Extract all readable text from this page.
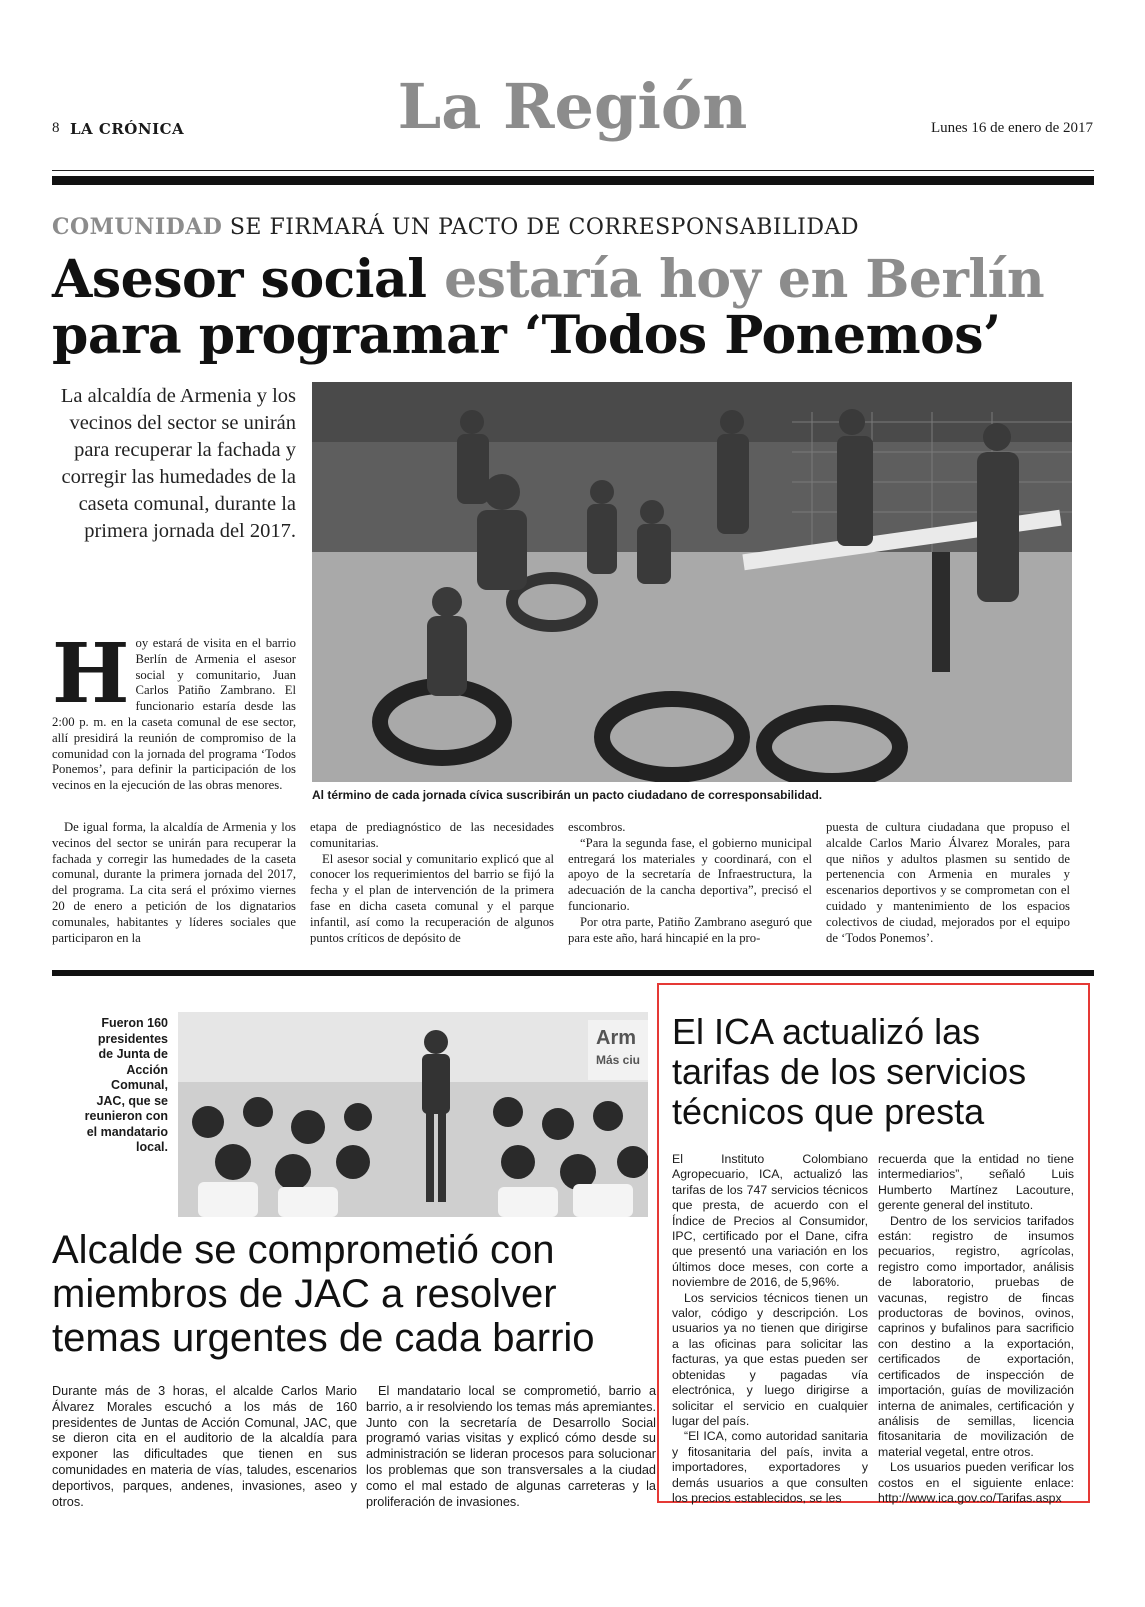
8 LA CRÓNICA	La Región	Lunes 16 de enero de 2017
COMUNIDAD SE FIRMARÁ UN PACTO DE CORRESPONSABILIDAD
Asesor social estaría hoy en Berlín
para programar ‘Todos Ponemos’
La alcaldía de Armenia y los vecinos del sector se unirán para recuperar la fachada y corregir las humedades de la caseta comunal, durante la primera jornada del 2017.
H oy estará de visita en el barrio Berlín de Armenia el asesor social y comunitario, Juan Carlos Patiño Zambrano. El funcionario estaría desde las 2:00 p. m. en la caseta comunal de ese sector, allí presidirá la reunión de compromiso de la comunidad con la jornada del programa ‘Todos Ponemos’, para definir la participación de los vecinos en la ejecución de las obras menores.

De igual forma, la alcaldía de Armenia y los vecinos del sector se unirán para recuperar la fachada y corregir las humedades de la caseta comunal, durante la primera jornada del 2017, del programa. La cita será el próximo viernes 20 de enero a petición de los dignatarios comunales, habitantes y líderes sociales que participaron en la

etapa de prediagnóstico de las necesidades comunitarias.

El asesor social y comunitario explicó que al conocer los requerimientos del barrio se fijó la fecha y el plan de intervención de la primera fase en dicha caseta comunal y el parque infantil, así como la recuperación de algunos puntos críticos de depósito de

escombros.

“Para la segunda fase, el gobierno municipal entregará los materiales y coordinará, con el apoyo de la secretaría de Infraestructura, la adecuación de la cancha deportiva”, precisó el funcionario.

Por otra parte, Patiño Zambrano aseguró que para este año, hará hincapié en la pro-

puesta de cultura ciudadana que propuso el alcalde Carlos Mario Álvarez Morales, para que niños y adultos plasmen su sentido de pertenencia con Armenia en murales y escenarios deportivos y se comprometan con el cuidado y mantenimiento de los espacios colectivos de ciudad, mejorados por el equipo de ‘Todos Ponemos’.

Al término de cada jornada cívica suscribirán un pacto ciudadano de corresponsabilidad.
Fueron 160 presidentes de Junta de Acción Comunal, JAC, que se reunieron con el mandatario local.
Arm
Más ciu
Alcalde se comprometió con miembros de JAC a resolver temas urgentes de cada barrio

Durante más de 3 horas, el alcalde Carlos Mario Álvarez Morales escuchó a los más de 160 presidentes de Juntas de Acción Comunal, JAC, que se dieron cita en el auditorio de la alcaldía para exponer las dificultades que tienen en sus comunidades en materia de vías, taludes, escenarios deportivos, parques, andenes, invasiones, aseo y otros.

El mandatario local se comprometió, barrio a barrio, a ir resolviendo los temas más apremiantes. Junto con la secretaría de Desarrollo Social programó varias visitas y explicó cómo desde su administración se lideran procesos para solucionar los problemas que son transversales a la ciudad como el mal estado de algunas carreteras y la proliferación de invasiones.

El ICA actualizó las tarifas de los servicios técnicos que presta

El Instituto Colombiano Agropecuario, ICA, actualizó las tarifas de los 747 servicios técnicos que presta, de acuerdo con el Índice de Precios al Consumidor, IPC, certificado por el Dane, cifra que presentó una variación en los últimos doce meses, con corte a noviembre de 2016, de 5,96%.

Los servicios técnicos tienen un valor, código y descripción. Los usuarios ya no tienen que dirigirse a las oficinas para solicitar las facturas, ya que estas pueden ser obtenidas y pagadas vía electrónica, y luego dirigirse a solicitar el servicio en cualquier lugar del país.

“El ICA, como autoridad sanitaria y fitosanitaria del país, invita a importadores, exportadores y demás usuarios a que consulten los precios establecidos, se les

recuerda que la entidad no tiene intermediarios”, señaló Luis Humberto Martínez Lacouture, gerente general del instituto.

Dentro de los servicios tarifados están: registro de insumos pecuarios, registro, agrícolas, registro como importador, análisis de laboratorio, pruebas de vacunas, registro de fincas productoras de bovinos, ovinos, caprinos y bufalinos para sacrificio con destino a la exportación, certificados de exportación, certificados de inspección de importación, guías de movilización interna de animales, certificación y análisis de semillas, licencia fitosanitaria de movilización de material vegetal, entre otros.

Los usuarios pueden verificar los costos en el siguiente enlace: http://www.ica.gov.co/Tarifas.aspx
